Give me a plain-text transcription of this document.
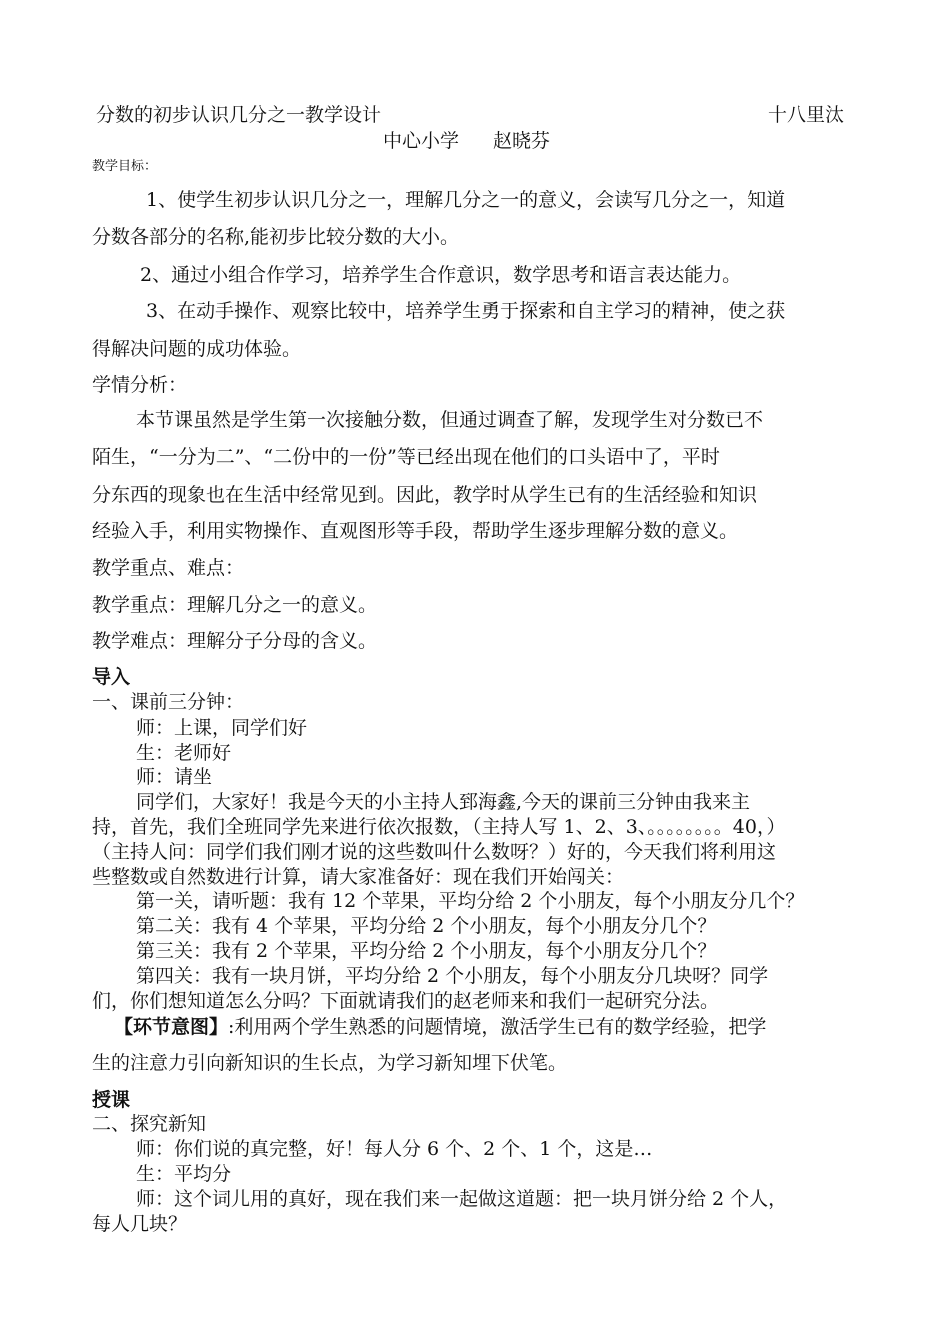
分数的初步认识几分之一教学设计	十八里汰
中心小学 赵晓芬
教学目标：
1、使学生初步认识几分之一，理解几分之一的意义，会读写几分之一，知道
分数各部分的名称,能初步比较分数的大小。
2、通过小组合作学习，培养学生合作意识，数学思考和语言表达能力。
3、在动手操作、观察比较中，培养学生勇于探索和自主学习的精神，使之获
得解决问题的成功体验。
学情分析：
本节课虽然是学生第一次接触分数，但通过调查了解，发现学生对分数已不
陌生，“一分为二”、“二份中的一份”等已经出现在他们的口头语中了，平时
分东西的现象也在生活中经常见到。因此，教学时从学生已有的生活经验和知识
经验入手，利用实物操作、直观图形等手段，帮助学生逐步理解分数的意义。
教学重点、难点：
教学重点：理解几分之一的意义。
教学难点：理解分子分母的含义。
导入
一、课前三分钟：
师：上课，同学们好
生：老师好
师：请坐
同学们，大家好！我是今天的小主持人郅海鑫,今天的课前三分钟由我来主
持，首先，我们全班同学先来进行依次报数，（主持人写 1、2、3、。。。。。。。。40，）
（主持人问：同学们我们刚才说的这些数叫什么数呀？）好的，今天我们将利用这
些整数或自然数进行计算，请大家准备好：现在我们开始闯关：
第一关，请听题：我有 12 个苹果，平均分给 2 个小朋友，每个小朋友分几个？
第二关：我有 4 个苹果，平均分给 2 个小朋友，每个小朋友分几个？
第三关：我有 2 个苹果，平均分给 2 个小朋友，每个小朋友分几个？
第四关：我有一块月饼，平均分给 2 个小朋友，每个小朋友分几块呀？同学
们，你们想知道怎么分吗？下面就请我们的赵老师来和我们一起研究分法。
【环节意图】:利用两个学生熟悉的问题情境，激活学生已有的数学经验，把学
生的注意力引向新知识的生长点，为学习新知埋下伏笔。
授课
二、探究新知
师：你们说的真完整，好！每人分 6 个、2 个、1 个，这是…
生：平均分
师：这个词儿用的真好，现在我们来一起做这道题：把一块月饼分给 2 个人，
每人几块？
